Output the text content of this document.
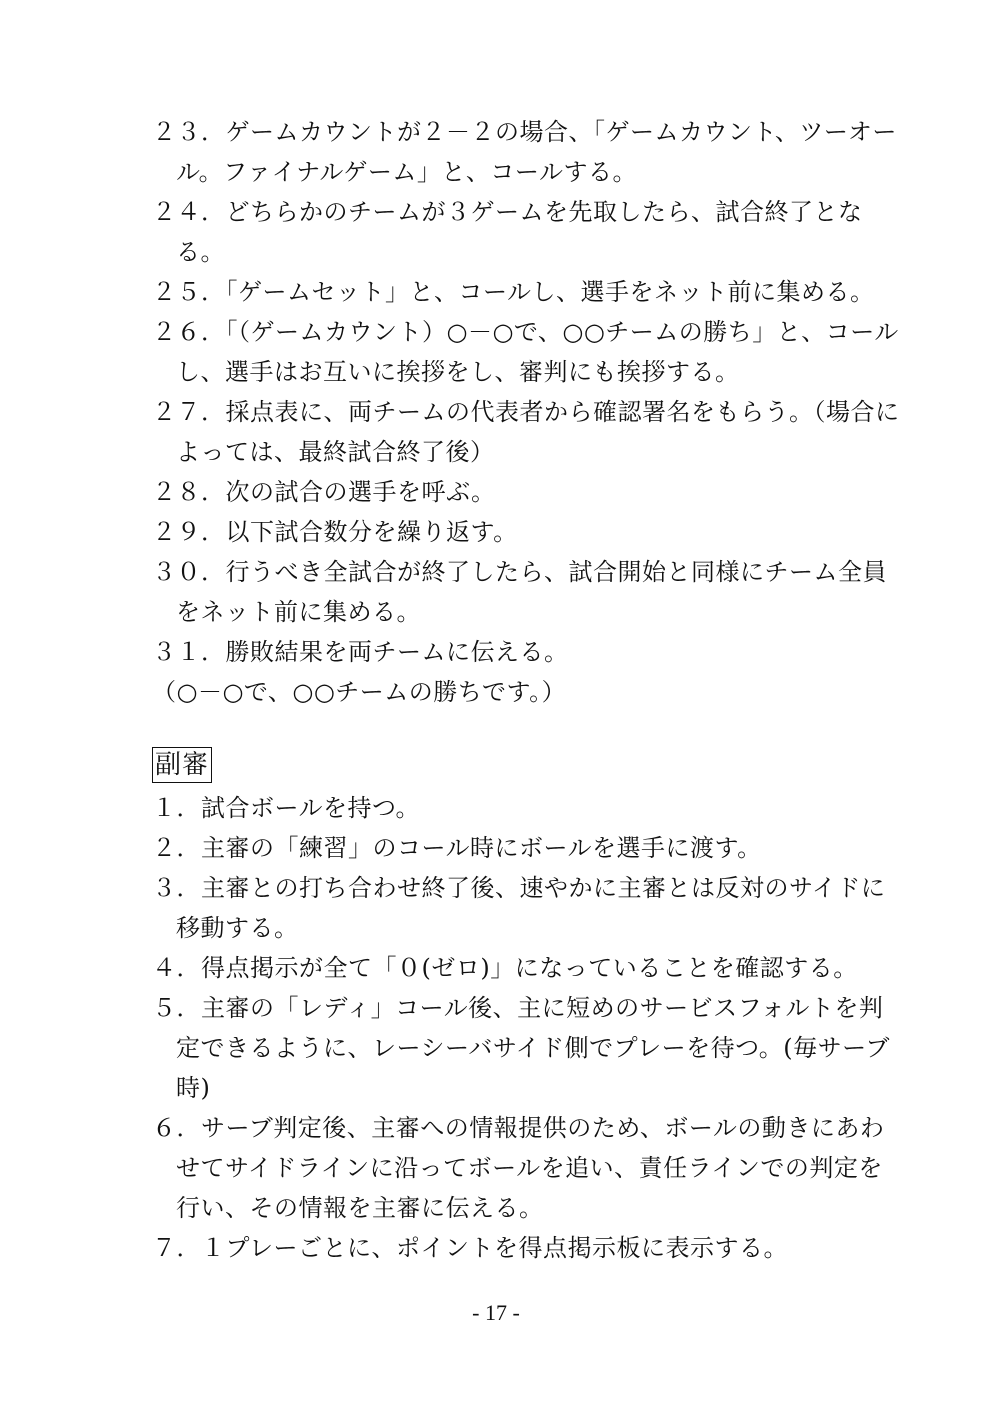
２３．ゲームカウントが２－２の場合、「ゲームカウント、ツーオール。ファイナルゲーム」と、コールする。
２４．どちらかのチームが３ゲームを先取したら、試合終了となる。
２５．「ゲームセット」と、コールし、選手をネット前に集める。
２６．「（ゲームカウント）○－○で、○○チームの勝ち」と、コールし、選手はお互いに挨拶をし、審判にも挨拶する。
２７．採点表に、両チームの代表者から確認署名をもらう。（場合によっては、最終試合終了後）
２８．次の試合の選手を呼ぶ。
２９．以下試合数分を繰り返す。
３０．行うべき全試合が終了したら、試合開始と同様にチーム全員をネット前に集める。
３１．勝敗結果を両チームに伝える。
（○－○で、○○チームの勝ちです。）
副審
１．試合ボールを持つ。
２．主審の「練習」のコール時にボールを選手に渡す。
３．主審との打ち合わせ終了後、速やかに主審とは反対のサイドに移動する。
４．得点掲示が全て「０(ゼロ)」になっていることを確認する。
５．主審の「レディ」コール後、主に短めのサービスフォルトを判定できるように、レーシーバサイド側でプレーを待つ。(毎サーブ時)
６．サーブ判定後、主審への情報提供のため、ボールの動きにあわせてサイドラインに沿ってボールを追い、責任ラインでの判定を行い、その情報を主審に伝える。
７．１プレーごとに、ポイントを得点掲示板に表示する。
- 17 -
